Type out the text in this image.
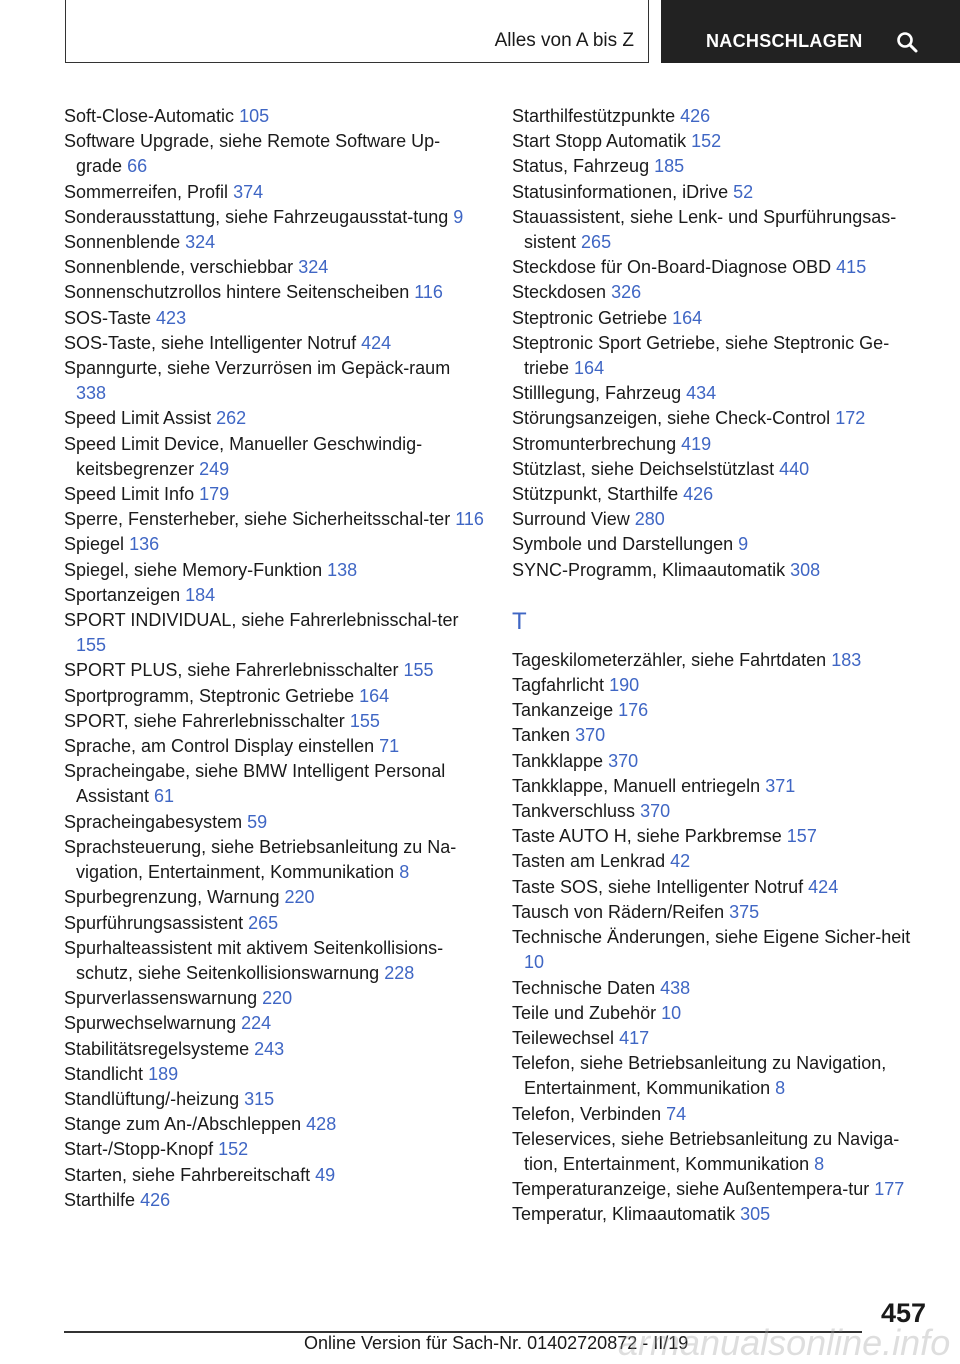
Alles von A bis Z	NACHSCHLAGEN
Soft-Close-Automatic 105
Software Upgrade, siehe Remote Software Up‐grade 66
Sommerreifen, Profil 374
Sonderausstattung, siehe Fahrzeugausstat‐tung 9
Sonnenblende 324
Sonnenblende, verschiebbar 324
Sonnenschutzrollos hintere Seitenscheiben 116
SOS-Taste 423
SOS-Taste, siehe Intelligenter Notruf 424
Spanngurte, siehe Verzurrösen im Gepäck‐raum 338
Speed Limit Assist 262
Speed Limit Device, Manueller Geschwindig‐keitsbegrenzer 249
Speed Limit Info 179
Sperre, Fensterheber, siehe Sicherheitsschal‐ter 116
Spiegel 136
Spiegel, siehe Memory-Funktion 138
Sportanzeigen 184
SPORT INDIVIDUAL, siehe Fahrerlebnisschal‐ter 155
SPORT PLUS, siehe Fahrerlebnisschalter 155
Sportprogramm, Steptronic Getriebe 164
SPORT, siehe Fahrerlebnisschalter 155
Sprache, am Control Display einstellen 71
Spracheingabe, siehe BMW Intelligent Personal Assistant 61
Spracheingabesystem 59
Sprachsteuerung, siehe Betriebsanleitung zu Na‐vigation, Entertainment, Kommunikation 8
Spurbegrenzung, Warnung 220
Spurführungsassistent 265
Spurhalteassistent mit aktivem Seitenkollisions‐schutz, siehe Seitenkollisionswarnung 228
Spurverlassenswarnung 220
Spurwechselwarnung 224
Stabilitätsregelsysteme 243
Standlicht 189
Standlüftung/-heizung 315
Stange zum An-/Abschleppen 428
Start-/Stopp-Knopf 152
Starten, siehe Fahrbereitschaft 49
Starthilfe 426
Starthilfestützpunkte 426
Start Stopp Automatik 152
Status, Fahrzeug 185
Statusinformationen, iDrive 52
Stauassistent, siehe Lenk- und Spurführungsas‐sistent 265
Steckdose für On-Board-Diagnose OBD 415
Steckdosen 326
Steptronic Getriebe 164
Steptronic Sport Getriebe, siehe Steptronic Ge‐triebe 164
Stilllegung, Fahrzeug 434
Störungsanzeigen, siehe Check-Control 172
Stromunterbrechung 419
Stützlast, siehe Deichselstützlast 440
Stützpunkt, Starthilfe 426
Surround View 280
Symbole und Darstellungen 9
SYNC-Programm, Klimaautomatik 308
T
Tageskilometerzähler, siehe Fahrtdaten 183
Tagfahrlicht 190
Tankanzeige 176
Tanken 370
Tankklappe 370
Tankklappe, Manuell entriegeln 371
Tankverschluss 370
Taste AUTO H, siehe Parkbremse 157
Tasten am Lenkrad 42
Taste SOS, siehe Intelligenter Notruf 424
Tausch von Rädern/Reifen 375
Technische Änderungen, siehe Eigene Sicher‐heit 10
Technische Daten 438
Teile und Zubehör 10
Teilewechsel 417
Telefon, siehe Betriebsanleitung zu Navigation, Entertainment, Kommunikation 8
Telefon, Verbinden 74
Teleservices, siehe Betriebsanleitung zu Naviga‐tion, Entertainment, Kommunikation 8
Temperaturanzeige, siehe Außentempera‐tur 177
Temperatur, Klimaautomatik 305
457
Online Version für Sach-Nr. 01402720872 - II/19
armanualsonline.info
